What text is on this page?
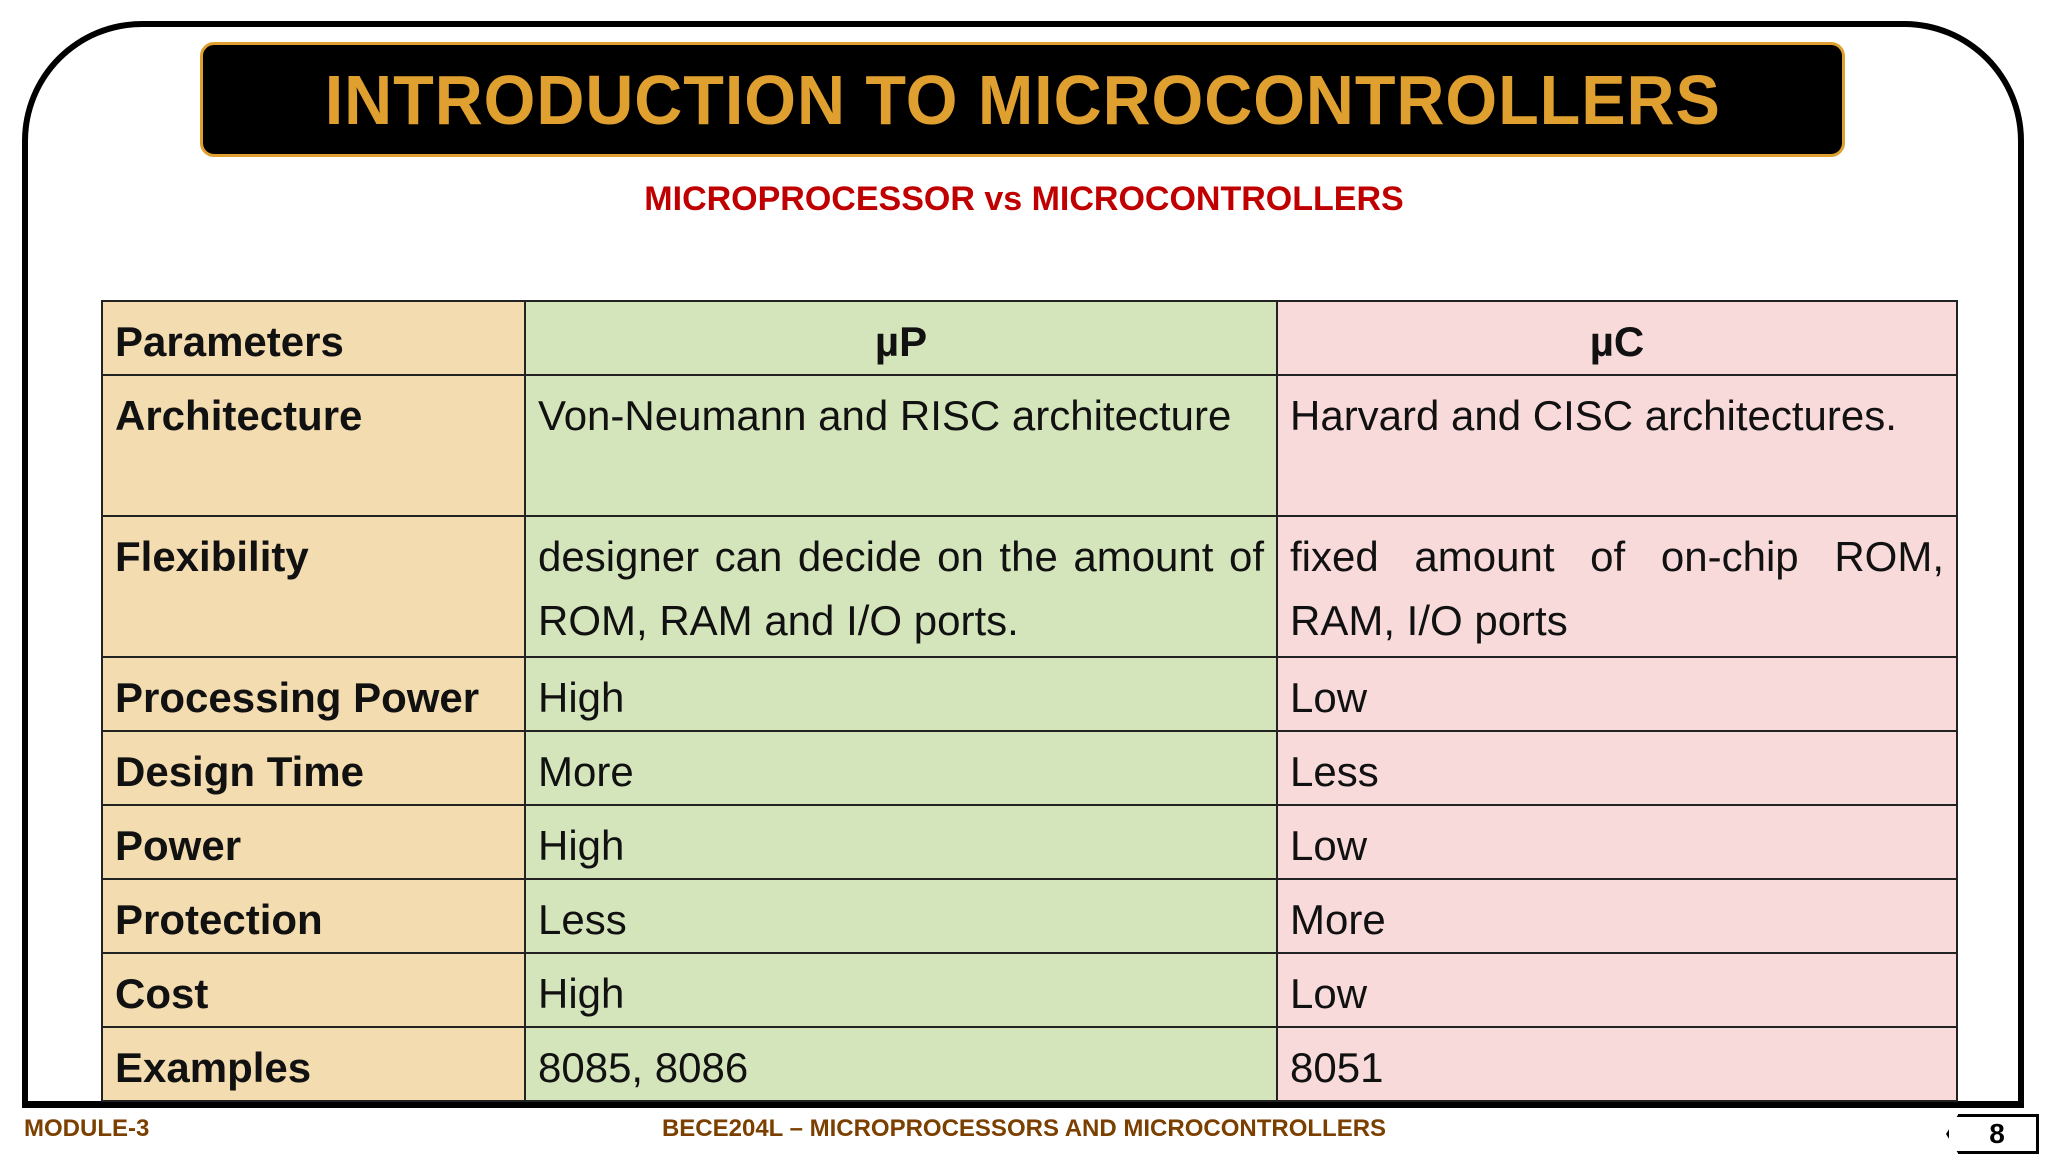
INTRODUCTION TO MICROCONTROLLERS
MICROPROCESSOR vs MICROCONTROLLERS
Parameters	µP	µC
Architecture	Von-Neumann and RISC architecture	Harvard and CISC architectures.
Flexibility	designer can decide on the amount of ROM, RAM and I/O ports.	fixed amount of on-chip ROM, RAM, I/O ports
Processing Power	High	Low
Design Time	More	Less
Power	High	Low
Protection	Less	More
Cost	High	Low
Examples	8085, 8086	8051
MODULE-3	BECE204L – MICROPROCESSORS AND MICROCONTROLLERS	8
